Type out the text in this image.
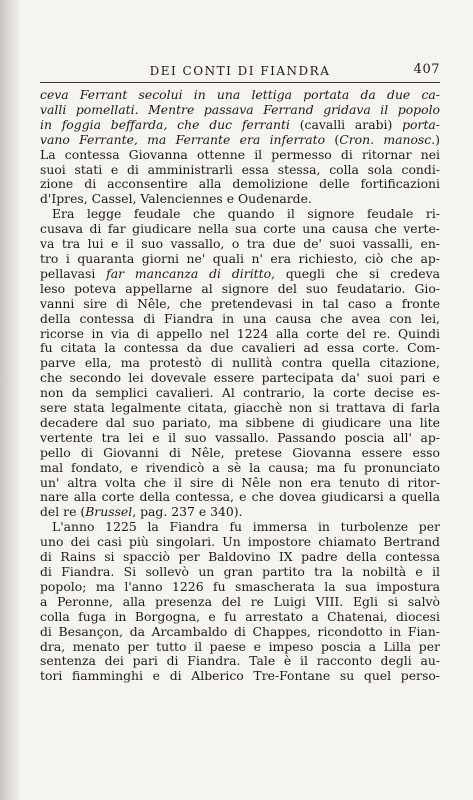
DEI CONTI DI FIANDRA	407
ceva Ferrant secolui in una lettiga portata da due ca-
valli pomellati. Mentre passava Ferrand gridava il popolo
in foggia beffarda, che duc ferranti (cavalli arabi) porta-
vano Ferrante, ma Ferrante era inferrato (Cron. manosc.)
La contessa Giovanna ottenne il permesso di ritornar nei
suoi stati e di amministrarli essa stessa, colla sola condi-
zione di acconsentire alla demolizione delle fortificazioni
d'Ipres, Cassel, Valenciennes e Oudenarde.
Era legge feudale che quando il signore feudale ri-
cusava di far giudicare nella sua corte una causa che verte-
va tra lui e il suo vassallo, o tra due de' suoi vassalli, en-
tro i quaranta giorni ne' quali n' era richiesto, ciò che ap-
pellavasi far mancanza di diritto, quegli che si credeva
leso poteva appellarne al signore del suo feudatario. Gio-
vanni sire di Nêle, che pretendevasi in tal caso a fronte
della contessa di Fiandra in una causa che avea con lei,
ricorse in via di appello nel 1224 alla corte del re. Quindi
fu citata la contessa da due cavalieri ad essa corte. Com-
parve ella, ma protestò di nullità contra quella citazione,
che secondo lei dovevale essere partecipata da' suoi pari e
non da semplici cavalieri. Al contrario, la corte decise es-
sere stata legalmente citata, giacchè non si trattava di farla
decadere dal suo pariato, ma sibbene di giudicare una lite
vertente tra lei e il suo vassallo. Passando poscia all' ap-
pello di Giovanni di Nêle, pretese Giovanna essere esso
mal fondato, e rivendicò a sè la causa; ma fu pronunciato
un' altra volta che il sire di Nêle non era tenuto di ritor-
nare alla corte della contessa, e che dovea giudicarsi a quella
del re (Brussel, pag. 237 e 340).
L'anno 1225 la Fiandra fu immersa in turbolenze per
uno dei casi più singolari. Un impostore chiamato Bertrand
di Rains si spacciò per Baldovino IX padre della contessa
di Fiandra. Si sollevò un gran partito tra la nobiltà e il
popolo; ma l'anno 1226 fu smascherata la sua impostura
a Peronne, alla presenza del re Luigi VIII. Egli si salvò
colla fuga in Borgogna, e fu arrestato a Chatenai, diocesi
di Besançon, da Arcambaldo di Chappes, ricondotto in Fian-
dra, menato per tutto il paese e impeso poscia a Lilla per
sentenza dei pari di Fiandra. Tale è il racconto degli au-
tori fiamminghi e di Alberico Tre-Fontane su quel perso-
